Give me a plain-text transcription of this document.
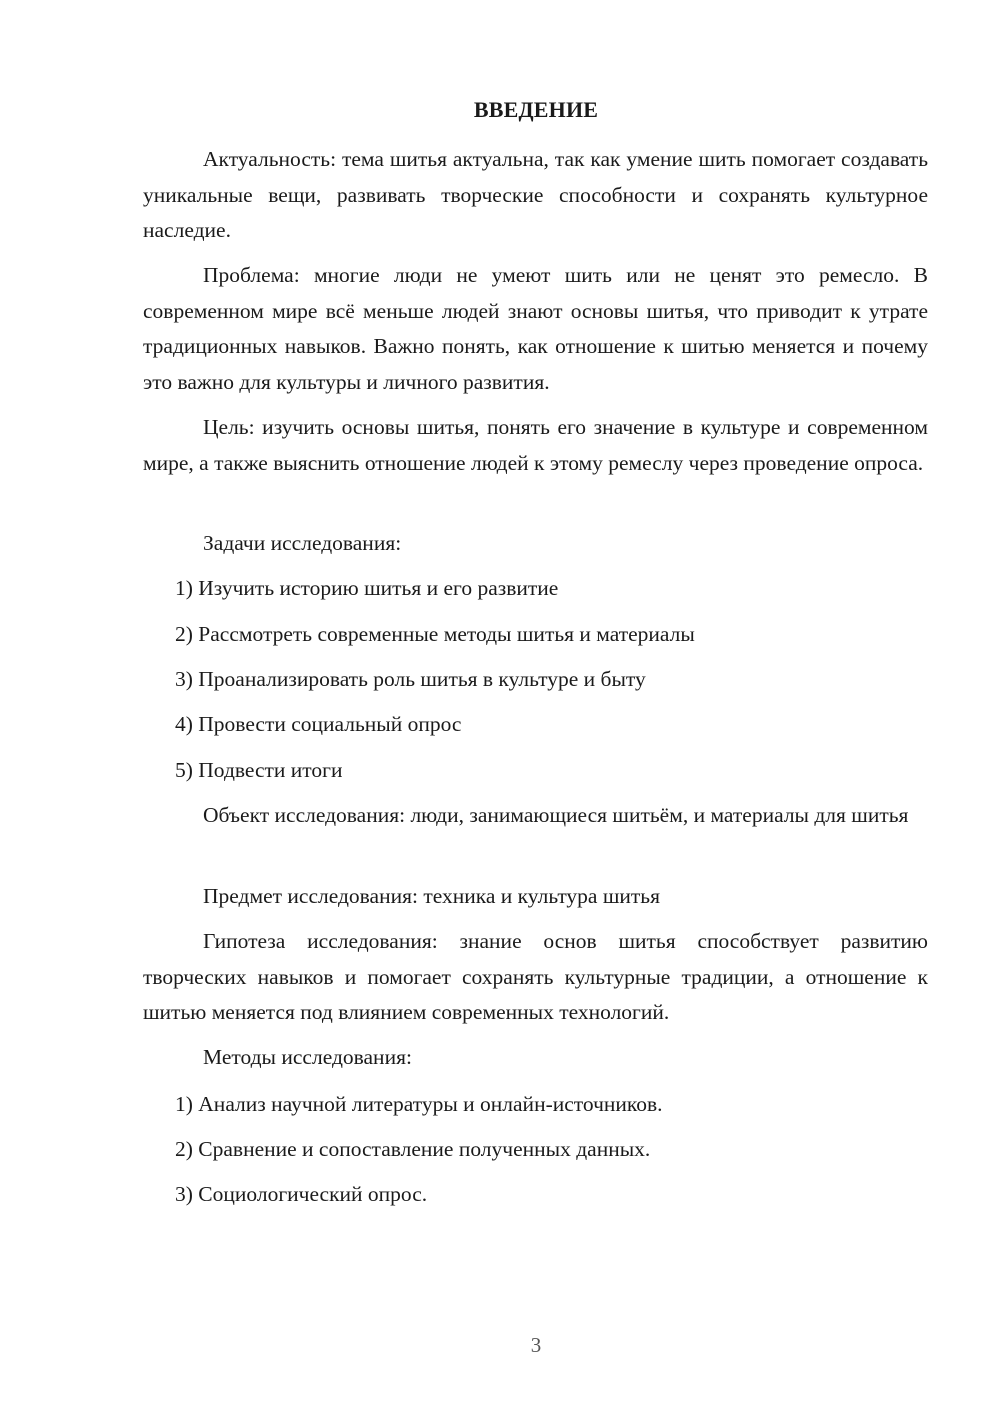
ВВЕДЕНИЕ

Актуальность: тема шитья актуальна, так как умение шить помогает создавать уникальные вещи, развивать творческие способности и сохранять культурное наследие.

Проблема: многие люди не умеют шить или не ценят это ремесло. В современном мире всё меньше людей знают основы шитья, что приводит к утрате традиционных навыков. Важно понять, как отношение к шитью меняется и почему это важно для культуры и личного развития.

Цель: изучить основы шитья, понять его значение в культуре и современном мире, а также выяснить отношение людей к этому ремеслу через проведение опроса.

Задачи исследования:

1) Изучить историю шитья и его развитие

2) Рассмотреть современные методы шитья и материалы

3) Проанализировать роль шитья в культуре и быту

4) Провести социальный опрос

5) Подвести итоги

Объект исследования: люди, занимающиеся шитьём, и материалы для шитья

Предмет исследования: техника и культура шитья

Гипотеза исследования: знание основ шитья способствует развитию творческих навыков и помогает сохранять культурные традиции, а отношение к шитью меняется под влиянием современных технологий.

Методы исследования:

1) Анализ научной литературы и онлайн-источников.

2) Сравнение и сопоставление полученных данных.

3) Социологический опрос.

3
